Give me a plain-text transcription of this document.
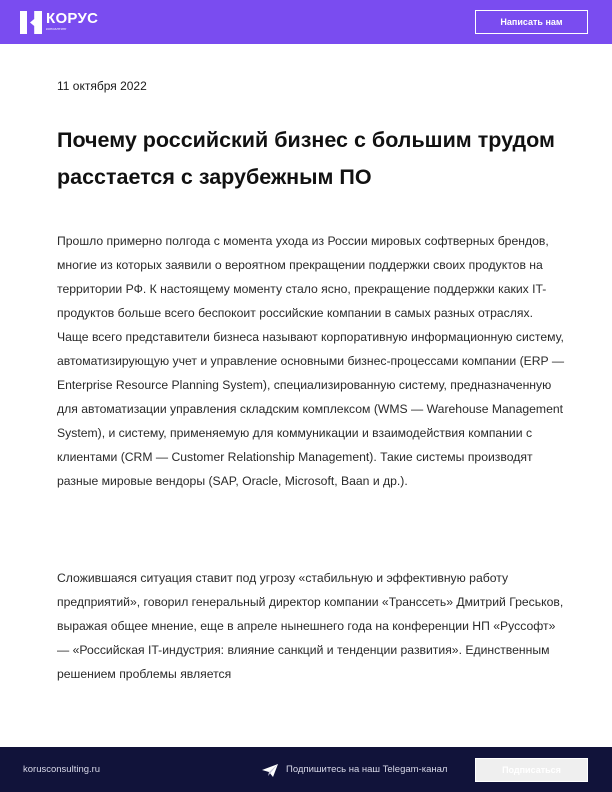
КОРУС
консалтинг
Написать нам
11 октября 2022
Почему российский бизнес с большим трудом расстается с зарубежным ПО

Прошло примерно полгода с момента ухода из России мировых софтверных брендов, многие из которых заявили о вероятном прекращении поддержки своих продуктов на территории РФ. К настоящему моменту стало ясно, прекращение поддержки каких IT-продуктов больше всего беспокоит российские компании в самых разных отраслях. Чаще всего представители бизнеса называют корпоративную информационную систему, автоматизирующую учет и управление основными бизнес-процессами компании (ERP — Enterprise Resource Planning System), специализированную систему, предназначенную для автоматизации управления складским комплексом (WMS — Warehouse Management System), и систему, применяемую для коммуникации и взаимодействия компании с клиентами (CRM — Customer Relationship Management). Такие системы производят разные мировые вендоры (SAP, Oracle, Microsoft, Baan и др.).

Сложившаяся ситуация ставит под угрозу «стабильную и эффективную работу предприятий», говорил генеральный директор компании «Транссеть» Дмитрий Греськов, выражая общее мнение, еще в апреле нынешнего года на конференции НП «Руссофт» — «Российская IT-индустрия: влияние санкций и тенденции развития». Единственным решением проблемы является

korusconsulting.ru	Подпишитесь на наш Telegam-канал	Подписаться
